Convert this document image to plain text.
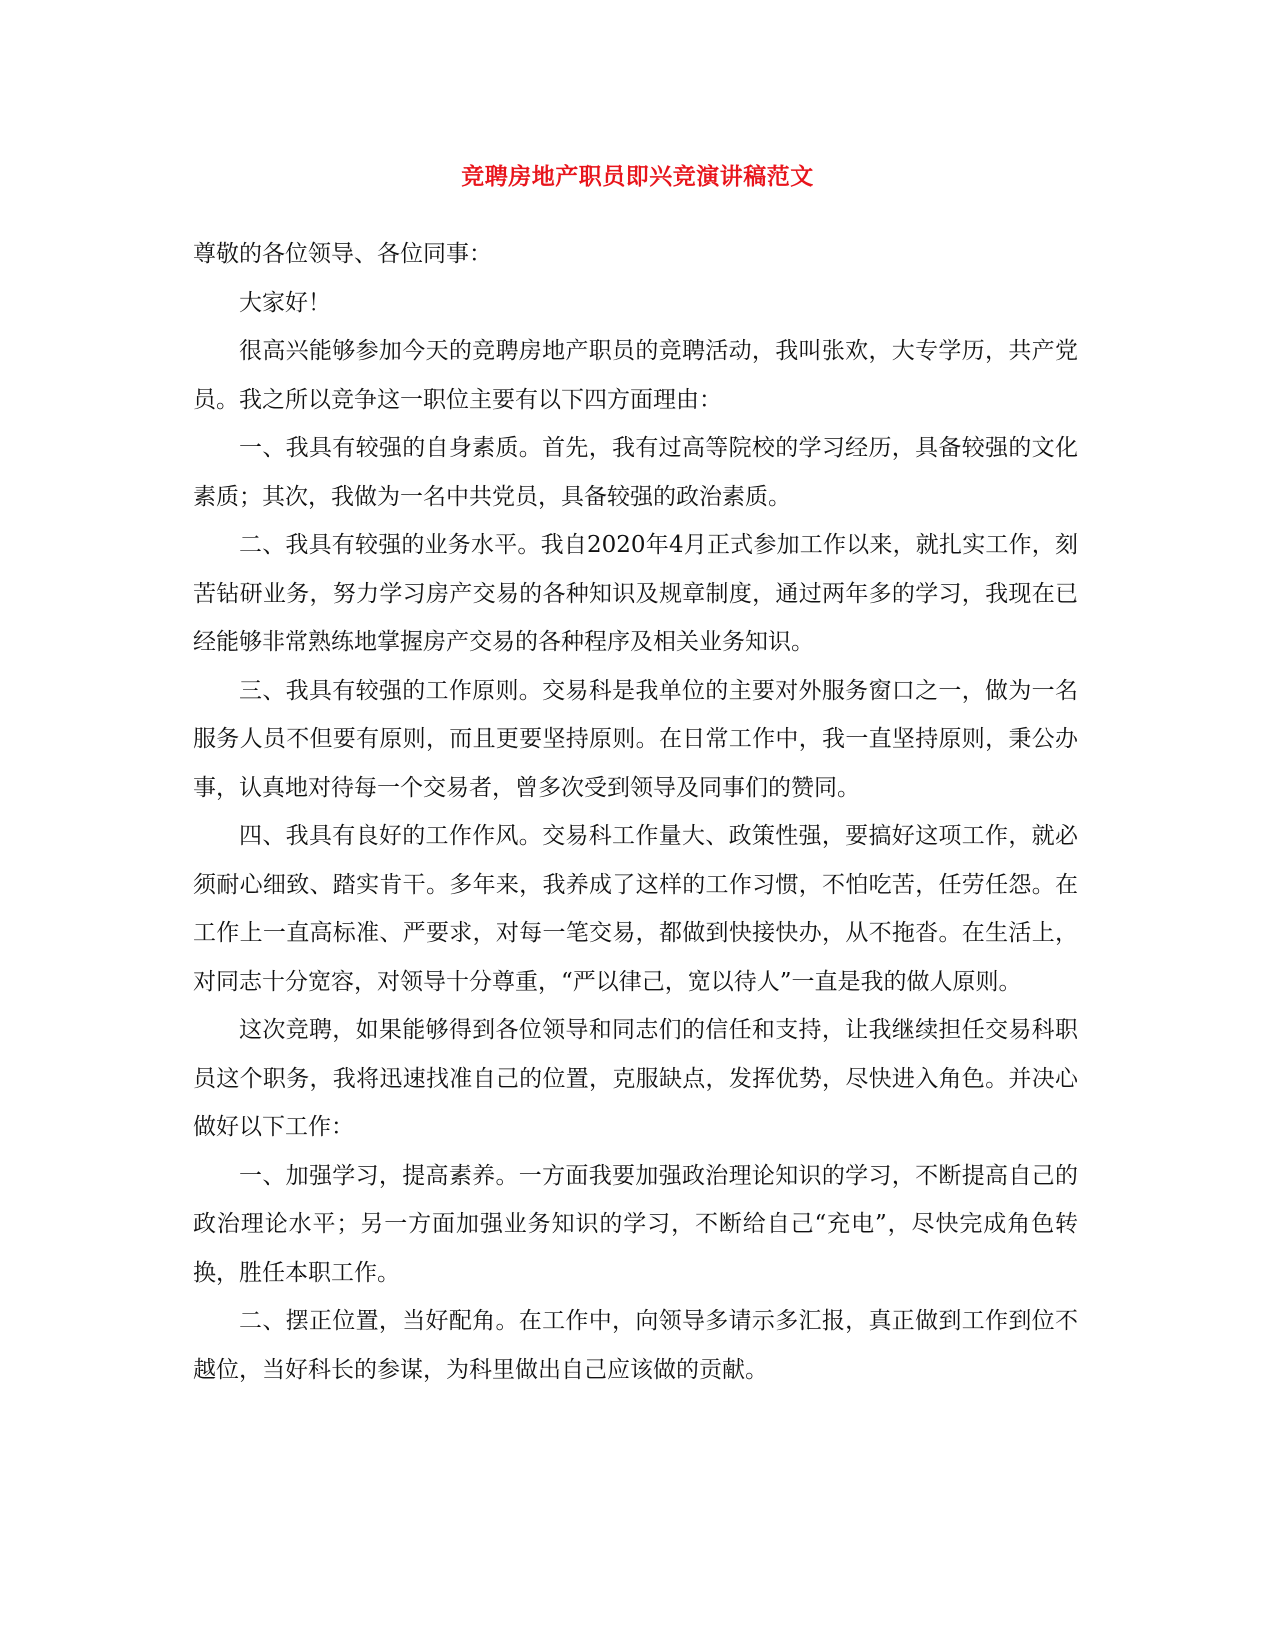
竞聘房地产职员即兴竞演讲稿范文

尊敬的各位领导、各位同事：

大家好！

很高兴能够参加今天的竞聘房地产职员的竞聘活动，我叫张欢，大专学历，共产党员。我之所以竞争这一职位主要有以下四方面理由：

一、我具有较强的自身素质。首先，我有过高等院校的学习经历，具备较强的文化素质；其次，我做为一名中共党员，具备较强的政治素质。

二、我具有较强的业务水平。我自2020年4月正式参加工作以来，就扎实工作，刻苦钻研业务，努力学习房产交易的各种知识及规章制度，通过两年多的学习，我现在已经能够非常熟练地掌握房产交易的各种程序及相关业务知识。

三、我具有较强的工作原则。交易科是我单位的主要对外服务窗口之一，做为一名服务人员不但要有原则，而且更要坚持原则。在日常工作中，我一直坚持原则，秉公办事，认真地对待每一个交易者，曾多次受到领导及同事们的赞同。

四、我具有良好的工作作风。交易科工作量大、政策性强，要搞好这项工作，就必须耐心细致、踏实肯干。多年来，我养成了这样的工作习惯，不怕吃苦，任劳任怨。在工作上一直高标准、严要求，对每一笔交易，都做到快接快办，从不拖沓。在生活上，对同志十分宽容，对领导十分尊重，“严以律己，宽以待人”一直是我的做人原则。

这次竞聘，如果能够得到各位领导和同志们的信任和支持，让我继续担任交易科职员这个职务，我将迅速找准自己的位置，克服缺点，发挥优势，尽快进入角色。并决心做好以下工作：

一、加强学习，提高素养。一方面我要加强政治理论知识的学习，不断提高自己的政治理论水平；另一方面加强业务知识的学习，不断给自己“充电”，尽快完成角色转换，胜任本职工作。

二、摆正位置，当好配角。在工作中，向领导多请示多汇报，真正做到工作到位不越位，当好科长的参谋，为科里做出自己应该做的贡献。
